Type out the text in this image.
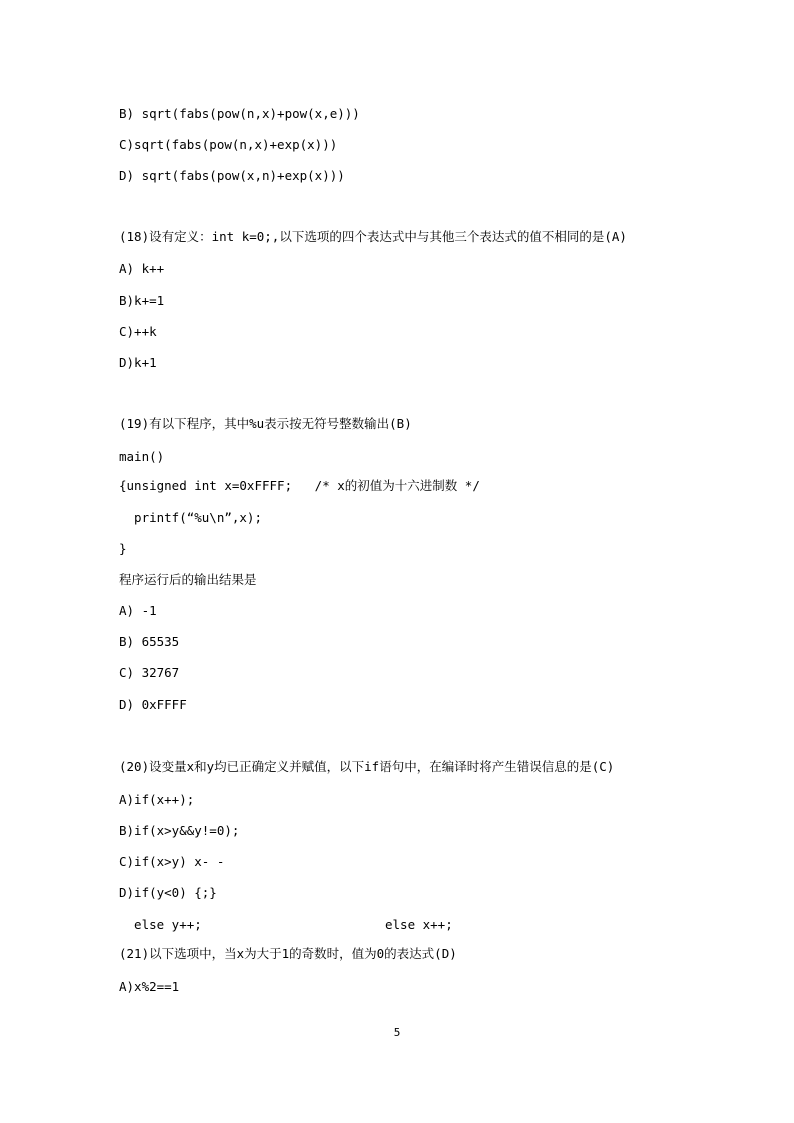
B) sqrt(fabs(pow(n,x)+pow(x,e)))
C)sqrt(fabs(pow(n,x)+exp(x)))
D) sqrt(fabs(pow(x,n)+exp(x)))
(18)设有定义：int k=0;,以下选项的四个表达式中与其他三个表达式的值不相同的是(A)
A) k++
B)k+=1
C)++k
D)k+1
(19)有以下程序，其中%u表示按无符号整数输出(B)
main()
{unsigned int x=0xFFFF;   /* x的初值为十六进制数 */
printf(“%u\n”,x);
}
程序运行后的输出结果是
A) -1
B) 65535
C) 32767
D) 0xFFFF
(20)设变量x和y均已正确定义并赋值，以下if语句中，在编译时将产生错误信息的是(C)
A)if(x++);
B)if(x>y&&y!=0);
C)if(x>y) x- -
D)if(y<0) {;}
else y++;	else x++;
(21)以下选项中，当x为大于1的奇数时，值为0的表达式(D)
A)x%2==1
5
